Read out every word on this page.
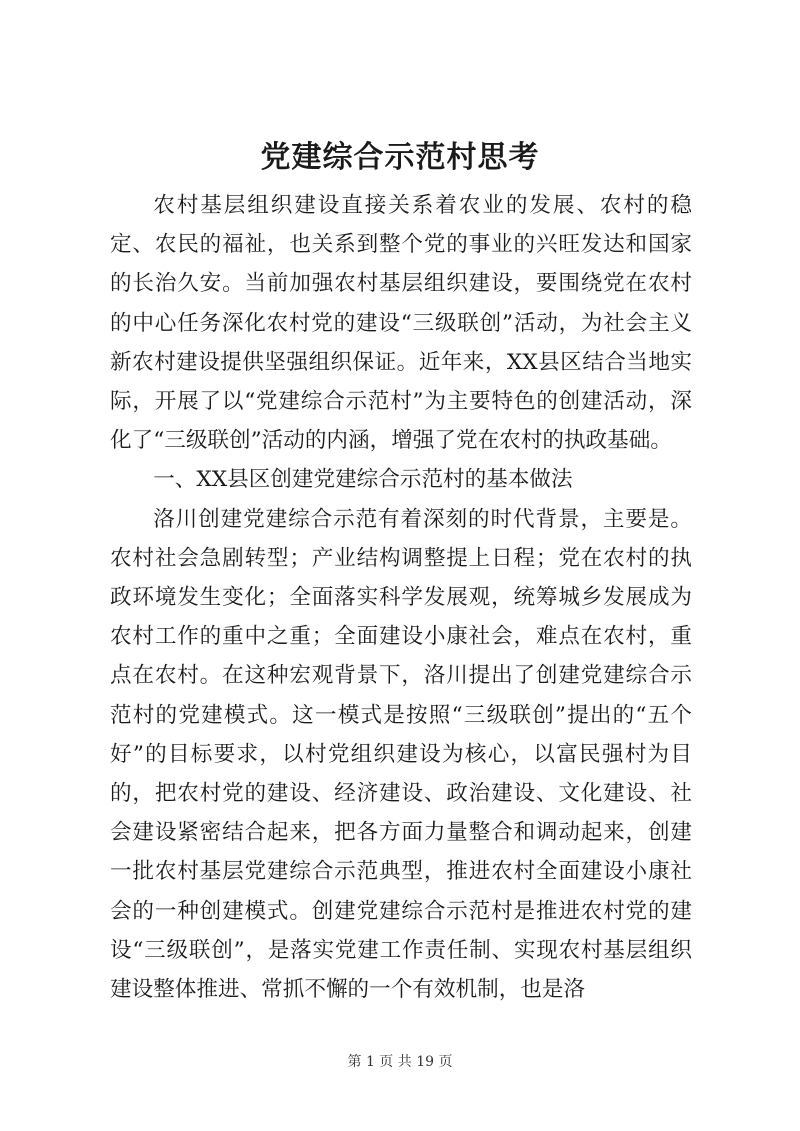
党建综合示范村思考

农村基层组织建设直接关系着农业的发展、农村的稳定、农民的福祉，也关系到整个党的事业的兴旺发达和国家的长治久安。当前加强农村基层组织建设，要围绕党在农村的中心任务深化农村党的建设“三级联创”活动，为社会主义新农村建设提供坚强组织保证。近年来，XX县区结合当地实际，开展了以“党建综合示范村”为主要特色的创建活动，深化了“三级联创”活动的内涵，增强了党在农村的执政基础。

一、XX县区创建党建综合示范村的基本做法

洛川创建党建综合示范有着深刻的时代背景，主要是。农村社会急剧转型；产业结构调整提上日程；党在农村的执政环境发生变化；全面落实科学发展观，统筹城乡发展成为农村工作的重中之重；全面建设小康社会，难点在农村，重点在农村。在这种宏观背景下，洛川提出了创建党建综合示范村的党建模式。这一模式是按照“三级联创”提出的“五个好”的目标要求，以村党组织建设为核心，以富民强村为目的，把农村党的建设、经济建设、政治建设、文化建设、社会建设紧密结合起来，把各方面力量整合和调动起来，创建一批农村基层党建综合示范典型，推进农村全面建设小康社会的一种创建模式。创建党建综合示范村是推进农村党的建设“三级联创”，是落实党建工作责任制、实现农村基层组织建设整体推进、常抓不懈的一个有效机制，也是洛

第 1 页 共 19 页
